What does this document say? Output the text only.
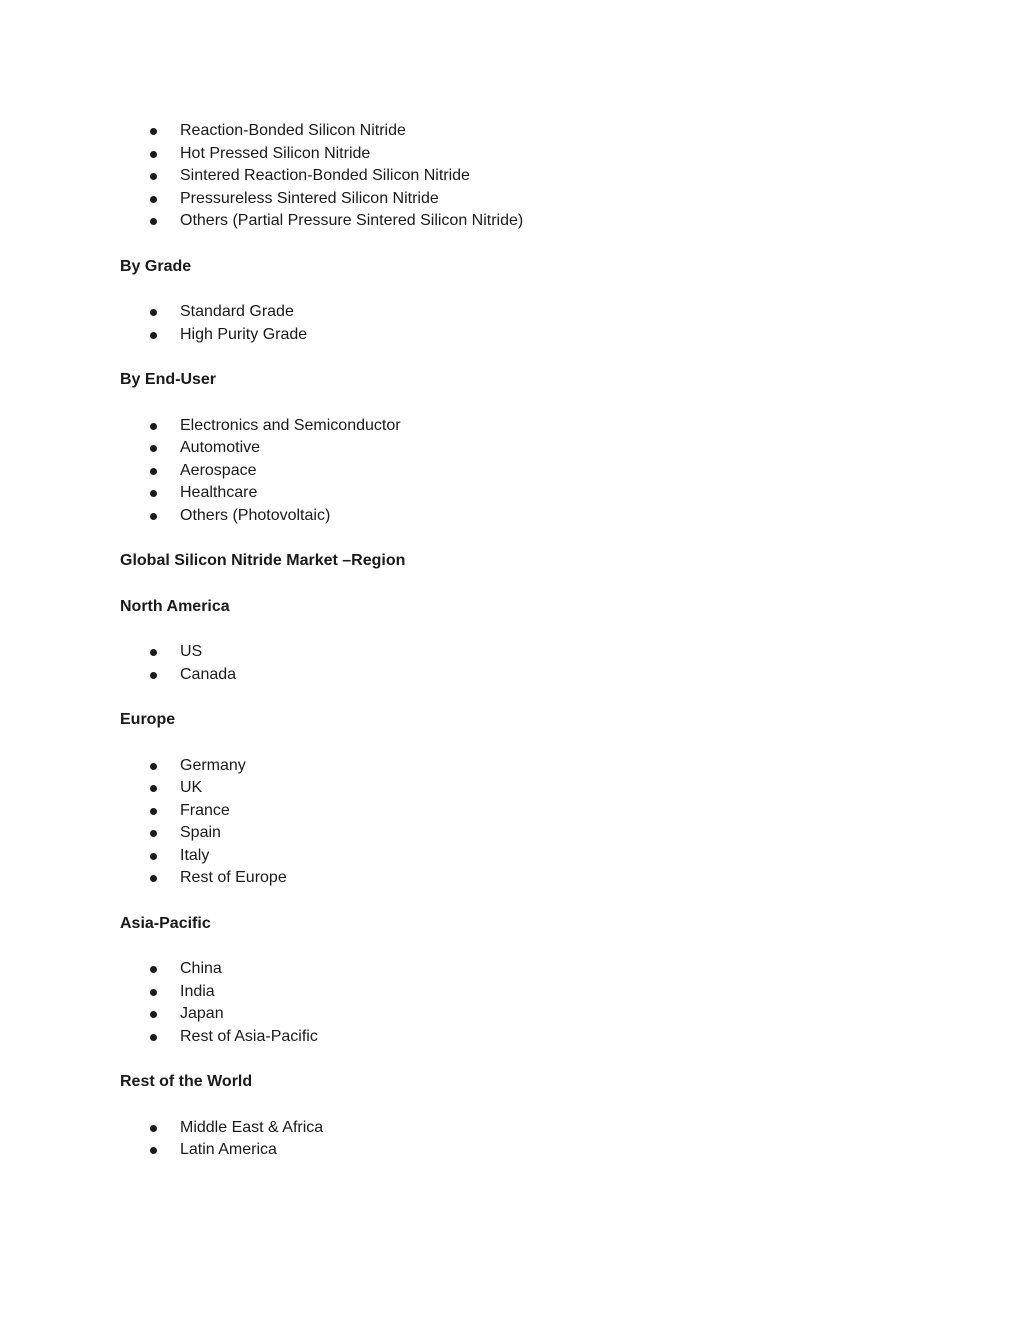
Reaction-Bonded Silicon Nitride
Hot Pressed Silicon Nitride
Sintered Reaction-Bonded Silicon Nitride
Pressureless Sintered Silicon Nitride
Others (Partial Pressure Sintered Silicon Nitride)
By Grade
Standard Grade
High Purity Grade
By End-User
Electronics and Semiconductor
Automotive
Aerospace
Healthcare
Others (Photovoltaic)
Global Silicon Nitride Market –Region
North America
US
Canada
Europe
Germany
UK
France
Spain
Italy
Rest of Europe
Asia-Pacific
China
India
Japan
Rest of Asia-Pacific
Rest of the World
Middle East & Africa
Latin America
